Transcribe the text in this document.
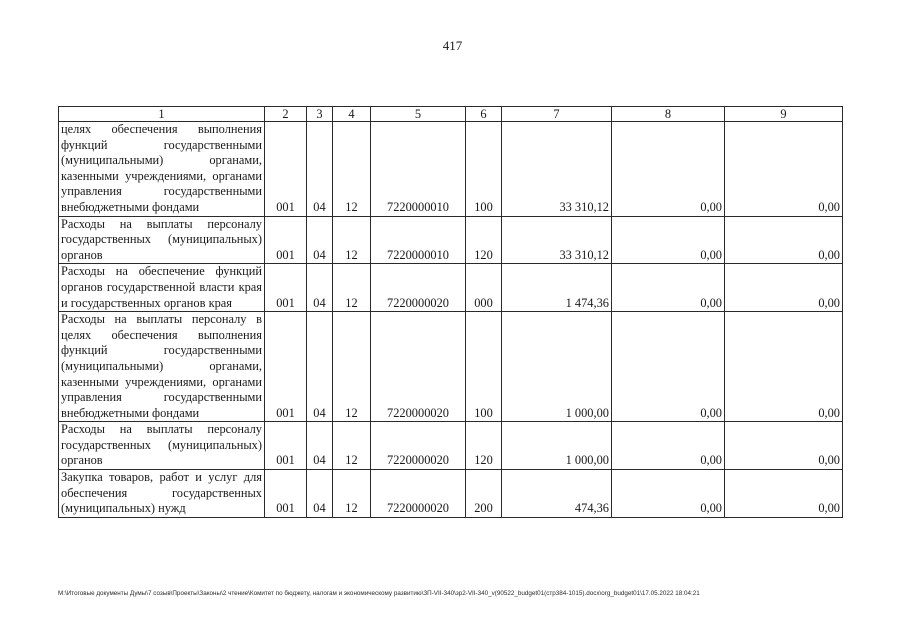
417
1	2	3	4	5	6	7	8	9
целях обеспечения выполнения функций государственными (муниципальными) органами, казенными учреждениями, органами управления государственными внебюджетными фондами	001	04	12	7220000010	100	33 310,12	0,00	0,00
Расходы на выплаты персоналу государственных (муниципальных) органов	001	04	12	7220000010	120	33 310,12	0,00	0,00
Расходы на обеспечение функций органов государственной власти края и государственных органов края	001	04	12	7220000020	000	1 474,36	0,00	0,00
Расходы на выплаты персоналу в целях обеспечения выполнения функций государственными (муниципальными) органами, казенными учреждениями, органами управления государственными внебюджетными фондами	001	04	12	7220000020	100	1 000,00	0,00	0,00
Расходы на выплаты персоналу государственных (муниципальных) органов	001	04	12	7220000020	120	1 000,00	0,00	0,00
Закупка товаров, работ и услуг для обеспечения государственных (муниципальных) нужд	001	04	12	7220000020	200	474,36	0,00	0,00
М:\Итоговые документы Думы\7 созыв\Проекты\Законы\2 чтение\Комитет по бюджету, налогам и экономическому развитию\ЗП-VII-340\зр2-VII-340_v(90522_budget01(стр384-1015).docx\org_budget01\17.05.2022 18:04:21
